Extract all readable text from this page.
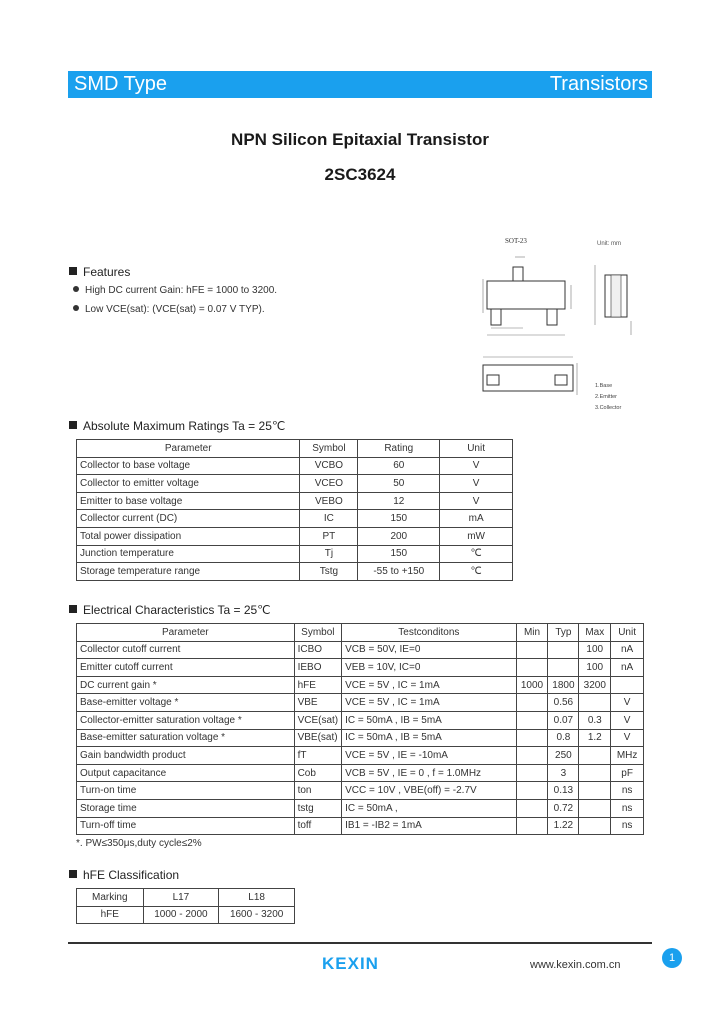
SMD Type	Transistors
NPN Silicon Epitaxial Transistor
2SC3624
SOT-23	Unit: mm
1.Base
2.Emitter
3.Collector
Features
High DC current Gain: hFE = 1000 to 3200.
Low VCE(sat): (VCE(sat) = 0.07 V TYP).
Absolute Maximum Ratings Ta = 25℃
Parameter	Symbol	Rating	Unit
Collector to base voltage	VCBO	60	V
Collector to emitter voltage	VCEO	50	V
Emitter to base voltage	VEBO	12	V
Collector current (DC)	IC	150	mA
Total power dissipation	PT	200	mW
Junction temperature	Tj	150	℃
Storage temperature range	Tstg	-55 to +150	℃
Electrical Characteristics Ta = 25℃
Parameter	Symbol	Testconditons	Min	Typ	Max	Unit
Collector cutoff current	ICBO	VCB = 50V, IE=0			100	nA
Emitter cutoff current	IEBO	VEB = 10V, IC=0			100	nA
DC current gain *	hFE	VCE = 5V , IC = 1mA	1000	1800	3200	
Base-emitter voltage *	VBE	VCE = 5V , IC = 1mA		0.56		V
Collector-emitter saturation voltage *	VCE(sat)	IC = 50mA , IB = 5mA		0.07	0.3	V
Base-emitter saturation voltage *	VBE(sat)	IC = 50mA , IB = 5mA		0.8	1.2	V
Gain bandwidth product	fT	VCE = 5V , IE = -10mA		250		MHz
Output capacitance	Cob	VCB = 5V , IE = 0 , f = 1.0MHz		3		pF
Turn-on time	ton	VCC = 10V , VBE(off) = -2.7V		0.13		ns
Storage time	tstg	IC = 50mA ,		0.72		ns
Turn-off time	toff	IB1 = -IB2 = 1mA		1.22		ns
*. PW≤350μs,duty cycle≤2%
hFE Classification
Marking	L17	L18
hFE	1000 - 2000	1600 - 3200
KEXIN	www.kexin.com.cn
1
